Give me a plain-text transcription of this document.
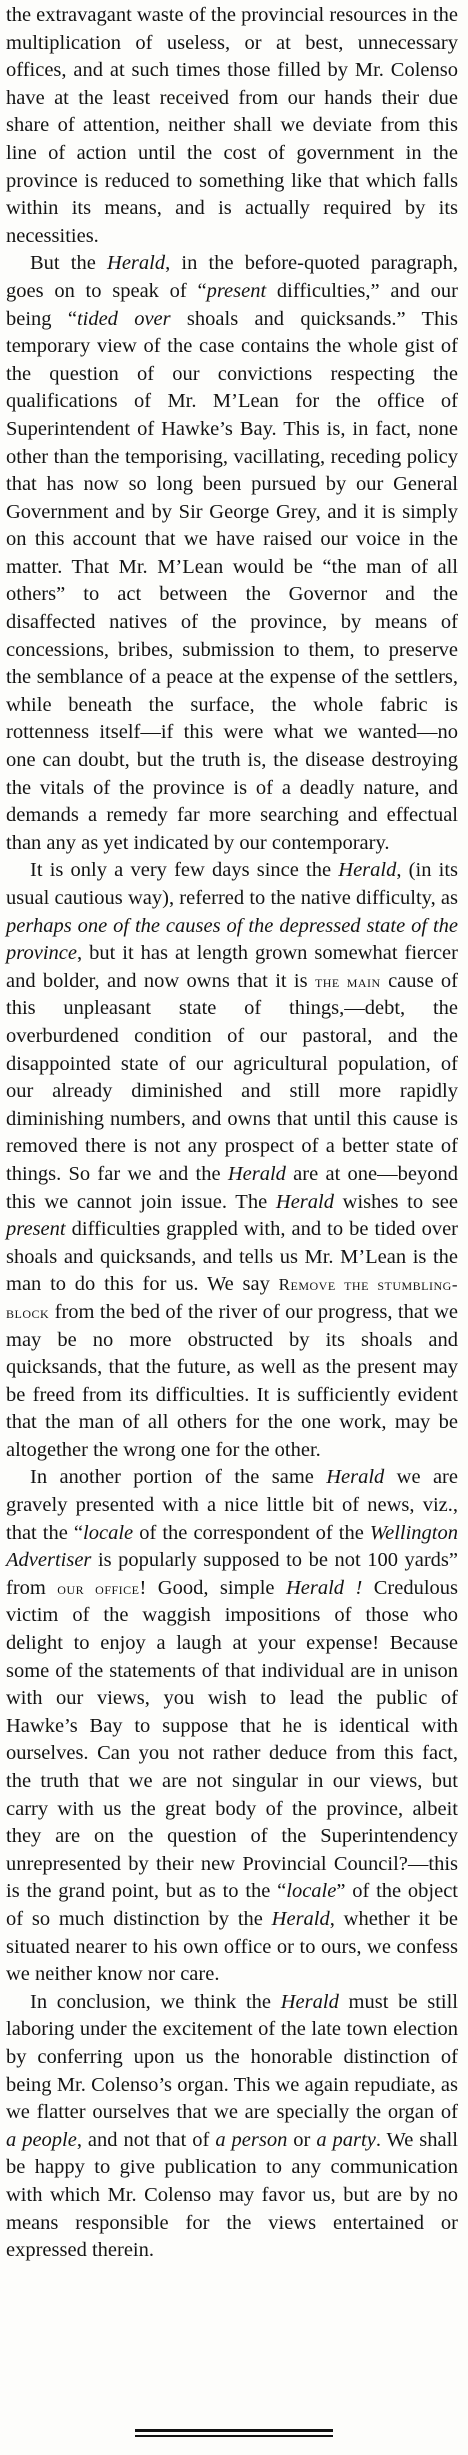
the extravagant waste of the provincial resources in the multiplication of useless, or at best, unnecessary offices, and at such times those filled by Mr. Colenso have at the least received from our hands their due share of attention, neither shall we deviate from this line of action until the cost of government in the province is reduced to something like that which falls within its means, and is actually required by its necessities.

But the Herald, in the before-quoted paragraph, goes on to speak of “present difficulties,” and our being “tided over shoals and quicksands.” This temporary view of the case contains the whole gist of the question of our convictions respecting the qualifications of Mr. M’Lean for the office of Superintendent of Hawke’s Bay. This is, in fact, none other than the temporising, vacillating, receding policy that has now so long been pursued by our General Government and by Sir George Grey, and it is simply on this account that we have raised our voice in the matter. That Mr. M’Lean would be “the man of all others” to act between the Governor and the disaffected natives of the province, by means of concessions, bribes, submission to them, to preserve the semblance of a peace at the expense of the settlers, while beneath the surface, the whole fabric is rottenness itself—if this were what we wanted—no one can doubt, but the truth is, the disease destroying the vitals of the province is of a deadly nature, and demands a remedy far more searching and effectual than any as yet indicated by our contemporary.

It is only a very few days since the Herald, (in its usual cautious way), referred to the native difficulty, as perhaps one of the causes of the depressed state of the province, but it has at length grown somewhat fiercer and bolder, and now owns that it is the main cause of this unpleasant state of things,—debt, the overburdened condition of our pastoral, and the disappointed state of our agricultural population, of our already diminished and still more rapidly diminishing numbers, and owns that until this cause is removed there is not any prospect of a better state of things. So far we and the Herald are at one—beyond this we cannot join issue. The Herald wishes to see present difficulties grappled with, and to be tided over shoals and quicksands, and tells us Mr. M’Lean is the man to do this for us. We say Remove the stumbling-block from the bed of the river of our progress, that we may be no more obstructed by its shoals and quicksands, that the future, as well as the present may be freed from its difficulties. It is sufficiently evident that the man of all others for the one work, may be altogether the wrong one for the other.

In another portion of the same Herald we are gravely presented with a nice little bit of news, viz., that the “locale of the correspondent of the Wellington Advertiser is popularly supposed to be not 100 yards” from our office! Good, simple Herald ! Credulous victim of the waggish impositions of those who delight to enjoy a laugh at your expense! Because some of the statements of that individual are in unison with our views, you wish to lead the public of Hawke’s Bay to suppose that he is identical with ourselves. Can you not rather deduce from this fact, the truth that we are not singular in our views, but carry with us the great body of the province, albeit they are on the question of the Superintendency unrepresented by their new Provincial Council?—this is the grand point, but as to the “locale” of the object of so much distinction by the Herald, whether it be situated nearer to his own office or to ours, we confess we neither know nor care.

In conclusion, we think the Herald must be still laboring under the excitement of the late town election by conferring upon us the honorable distinction of being Mr. Colenso’s organ. This we again repudiate, as we flatter ourselves that we are specially the organ of a people, and not that of a person or a party. We shall be happy to give publication to any communication with which Mr. Colenso may favor us, but are by no means responsible for the views entertained or expressed therein.
